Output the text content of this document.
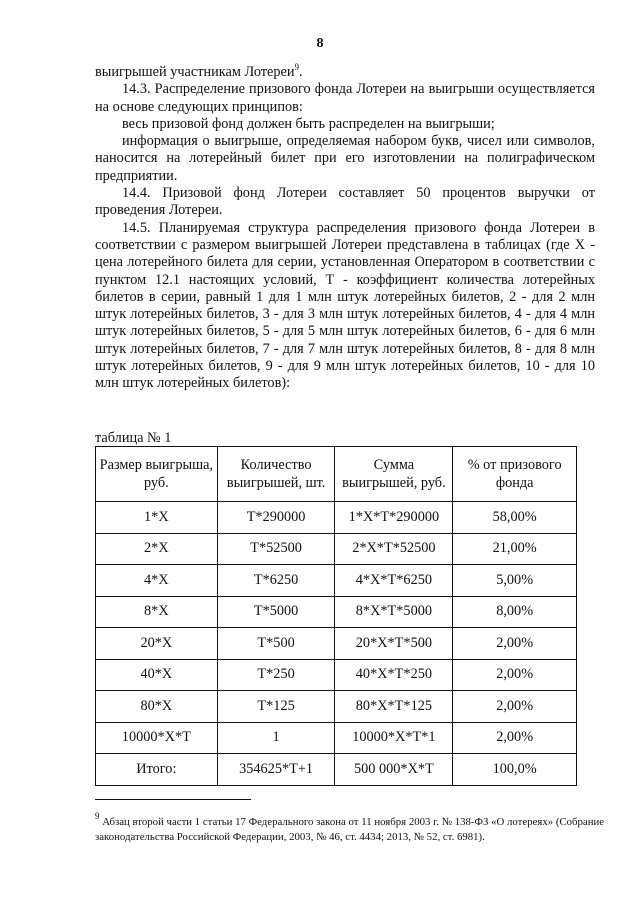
8

выигрышей участникам Лотереи$^9$.

14.3. Распределение призового фонда Лотереи на выигрыши осуществляется на основе следующих принципов:

весь призовой фонд должен быть распределен на выигрыши;

информация о выигрыше, определяемая набором букв, чисел или символов, наносится на лотерейный билет при его изготовлении на полиграфическом предприятии.

14.4. Призовой фонд Лотереи составляет 50 процентов выручки от проведения Лотереи.

14.5. Планируемая структура распределения призового фонда Лотереи в соответствии с размером выигрышей Лотереи представлена в таблицах (где Х - цена лотерейного билета для серии, установленная Оператором в соответствии с пунктом 12.1 настоящих условий, Т - коэффициент количества лотерейных билетов в серии, равный 1 для 1 млн штук лотерейных билетов, 2 - для 2 млн штук лотерейных билетов, 3 - для 3 млн штук лотерейных билетов, 4 - для 4 млн штук лотерейных билетов, 5 - для 5 млн штук лотерейных билетов, 6 - для 6 млн штук лотерейных билетов, 7 - для 7 млн штук лотерейных билетов, 8 - для 8 млн штук лотерейных билетов, 9 - для 9 млн штук лотерейных билетов, 10 - для 10 млн штук лотерейных билетов):

таблица № 1
Размер выигрыша, руб.	Количество выигрышей, шт.	Сумма выигрышей, руб.	% от призового фонда
1*Х	Т*290000	1*Х*Т*290000	58,00%
2*Х	Т*52500	2*Х*Т*52500	21,00%
4*Х	Т*6250	4*Х*Т*6250	5,00%
8*Х	Т*5000	8*Х*Т*5000	8,00%
20*Х	Т*500	20*Х*Т*500	2,00%
40*Х	Т*250	40*Х*Т*250	2,00%
80*Х	Т*125	80*Х*Т*125	2,00%
10000*Х*Т	1	10000*Х*Т*1	2,00%
Итого:	354625*Т+1	500 000*Х*Т	100,0%
$^9$ Абзац второй части 1 статьи 17 Федерального закона от 11 ноября 2003 г. № 138-ФЗ «О лотереях» (Собрание законодательства Российской Федерации, 2003, № 46, ст. 4434; 2013, № 52, ст. 6981).
